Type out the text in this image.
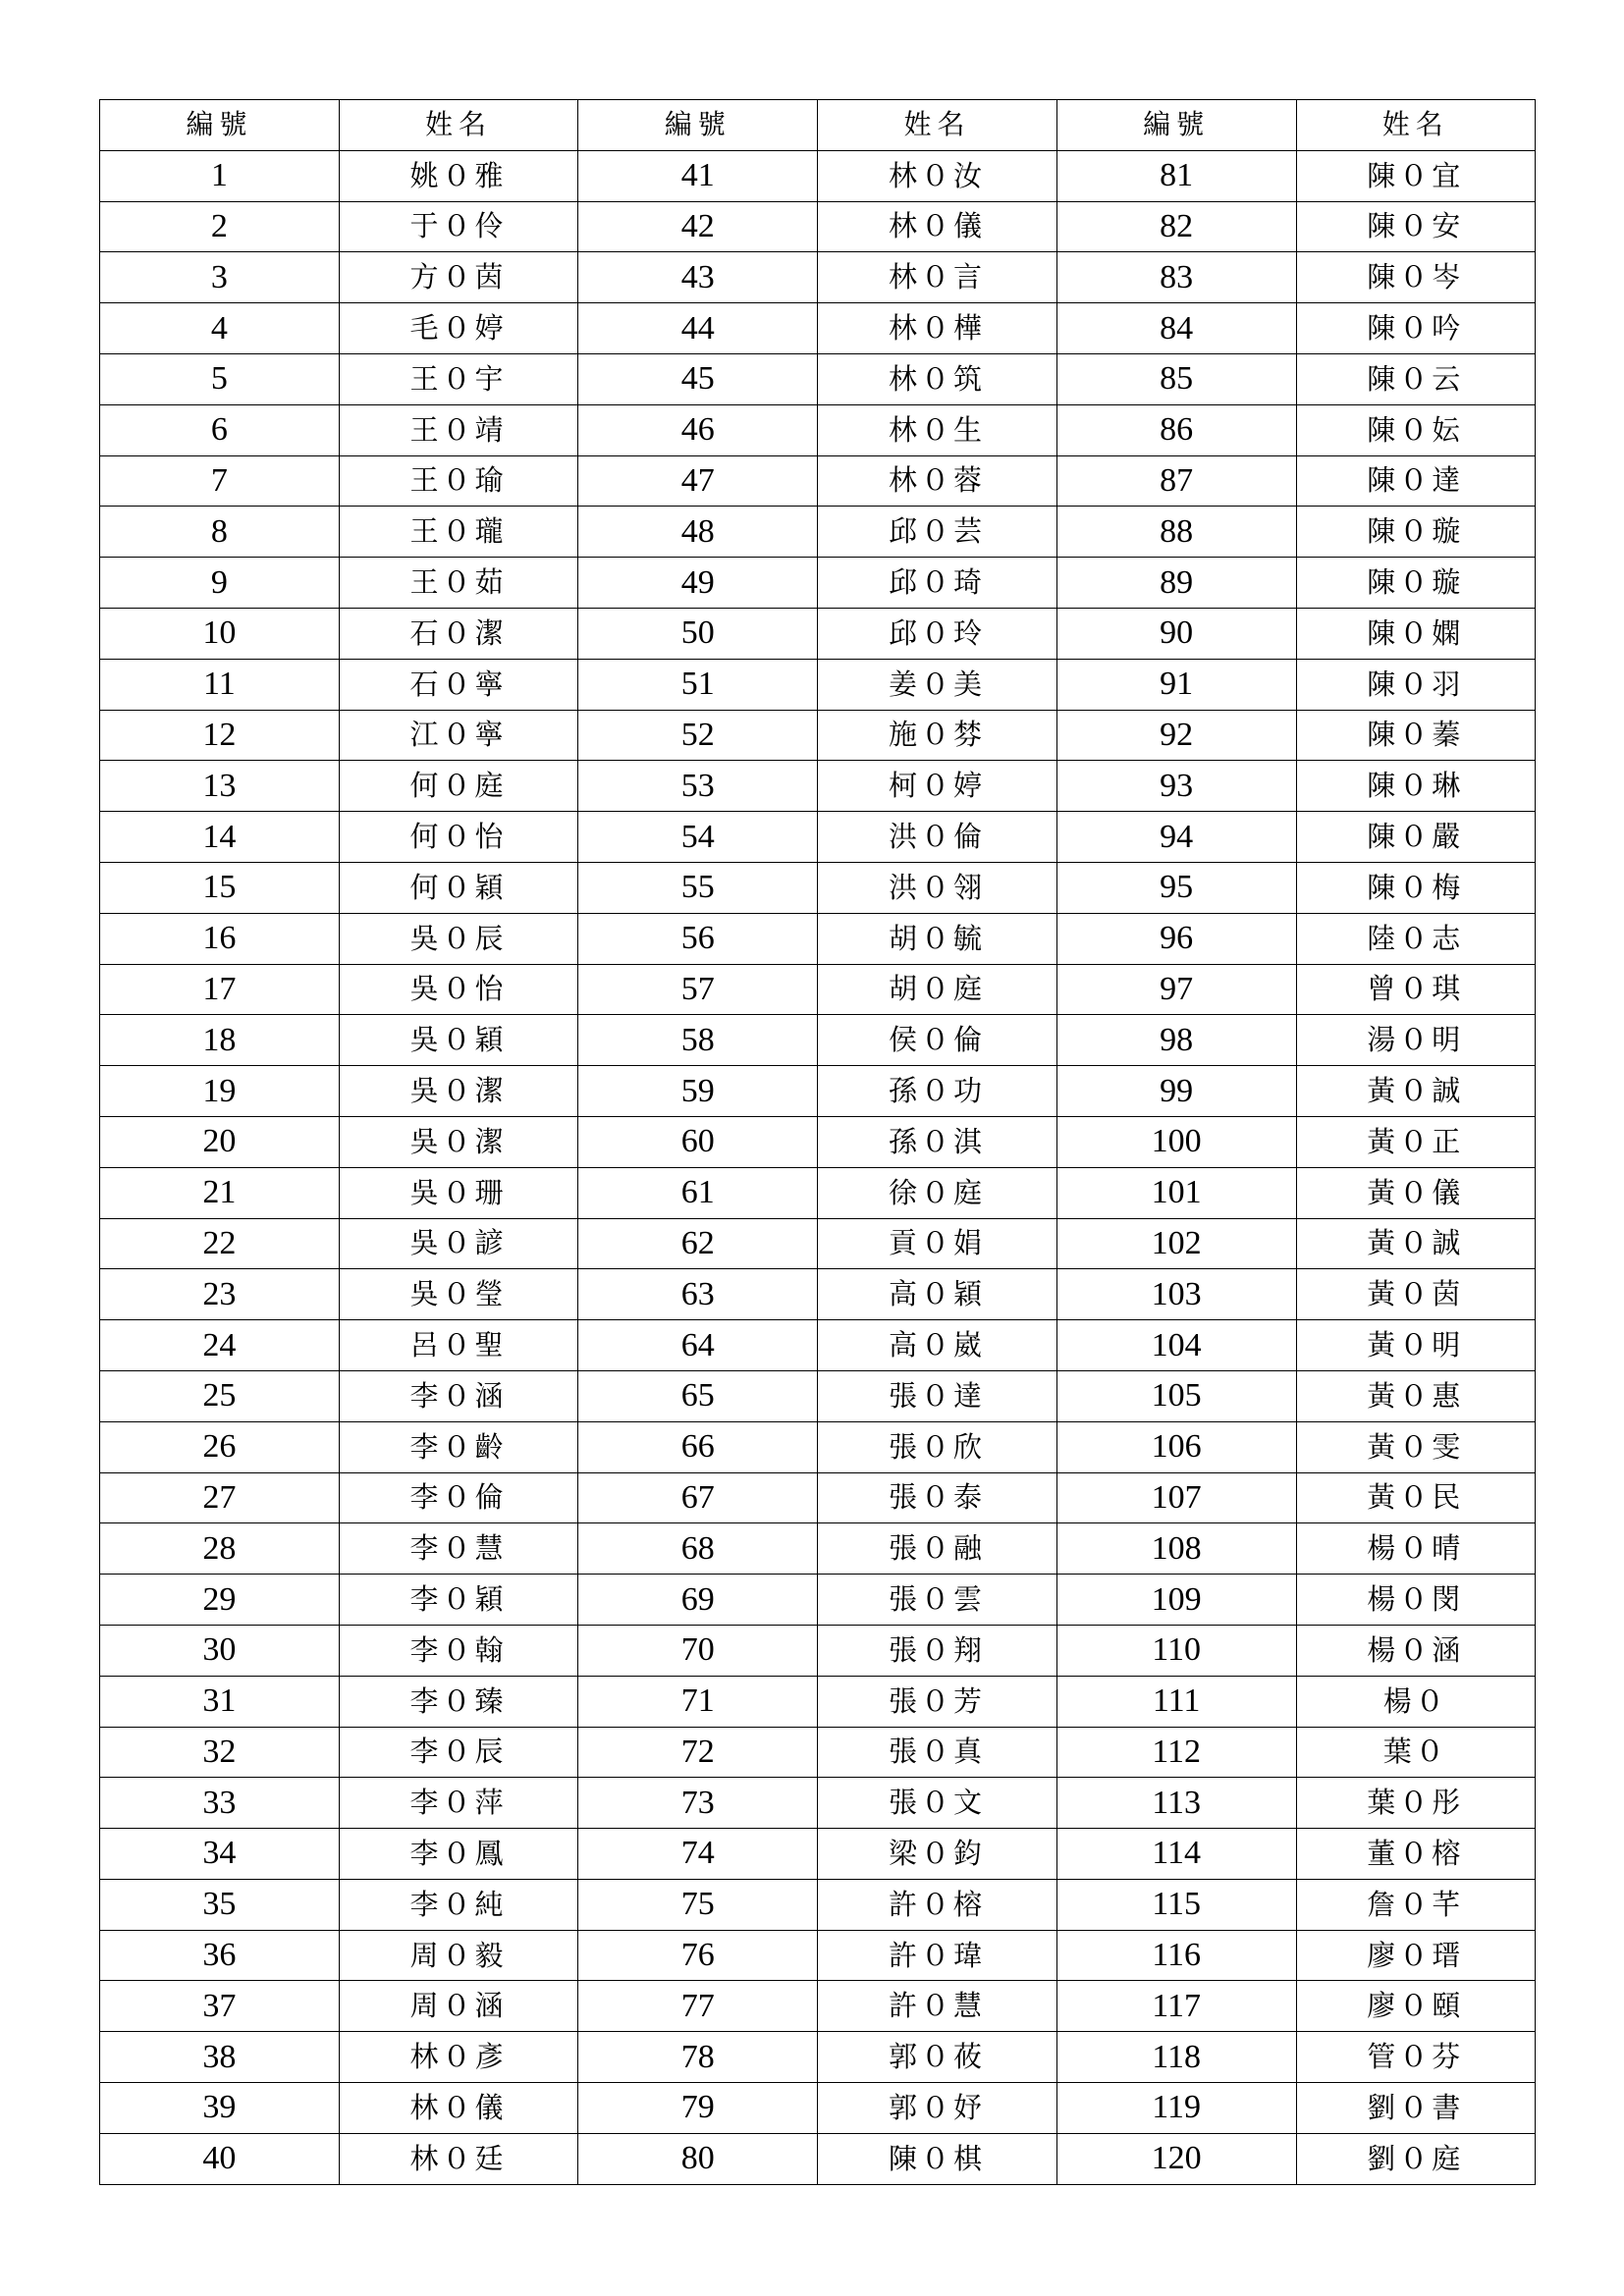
編號	姓名	編號	姓名	編號	姓名
1	姚０雅	41	林０汝	81	陳０宜
2	于０伶	42	林０儀	82	陳０安
3	方０茵	43	林０言	83	陳０岑
4	毛０婷	44	林０樺	84	陳０吟
5	王０宇	45	林０筑	85	陳０云
6	王０靖	46	林０生	86	陳０妘
7	王０瑜	47	林０蓉	87	陳０達
8	王０瓏	48	邱０芸	88	陳０璇
9	王０茹	49	邱０琦	89	陳０璇
10	石０潔	50	邱０玲	90	陳０嫻
11	石０寧	51	姜０美	91	陳０羽
12	江０寧	52	施０棼	92	陳０蓁
13	何０庭	53	柯０婷	93	陳０琳
14	何０怡	54	洪０倫	94	陳０嚴
15	何０穎	55	洪０翎	95	陳０梅
16	吳０辰	56	胡０毓	96	陸０志
17	吳０怡	57	胡０庭	97	曾０琪
18	吳０穎	58	侯０倫	98	湯０明
19	吳０潔	59	孫０功	99	黃０誠
20	吳０潔	60	孫０淇	100	黃０正
21	吳０珊	61	徐０庭	101	黃０儀
22	吳０諺	62	貢０娟	102	黃０誠
23	吳０瑩	63	高０穎	103	黃０茵
24	呂０聖	64	高０崴	104	黃０明
25	李０涵	65	張０達	105	黃０惠
26	李０齡	66	張０欣	106	黃０雯
27	李０倫	67	張０泰	107	黃０民
28	李０慧	68	張０融	108	楊０晴
29	李０穎	69	張０雲	109	楊０閔
30	李０翰	70	張０翔	110	楊０涵
31	李０臻	71	張０芳	111	楊０
32	李０辰	72	張０真	112	葉０
33	李０萍	73	張０文	113	葉０彤
34	李０鳳	74	梁０鈞	114	董０榕
35	李０純	75	許０榕	115	詹０芊
36	周０毅	76	許０瑋	116	廖０瑨
37	周０涵	77	許０慧	117	廖０頤
38	林０彥	78	郭０莜	118	管０芬
39	林０儀	79	郭０妤	119	劉０書
40	林０廷	80	陳０棋	120	劉０庭
